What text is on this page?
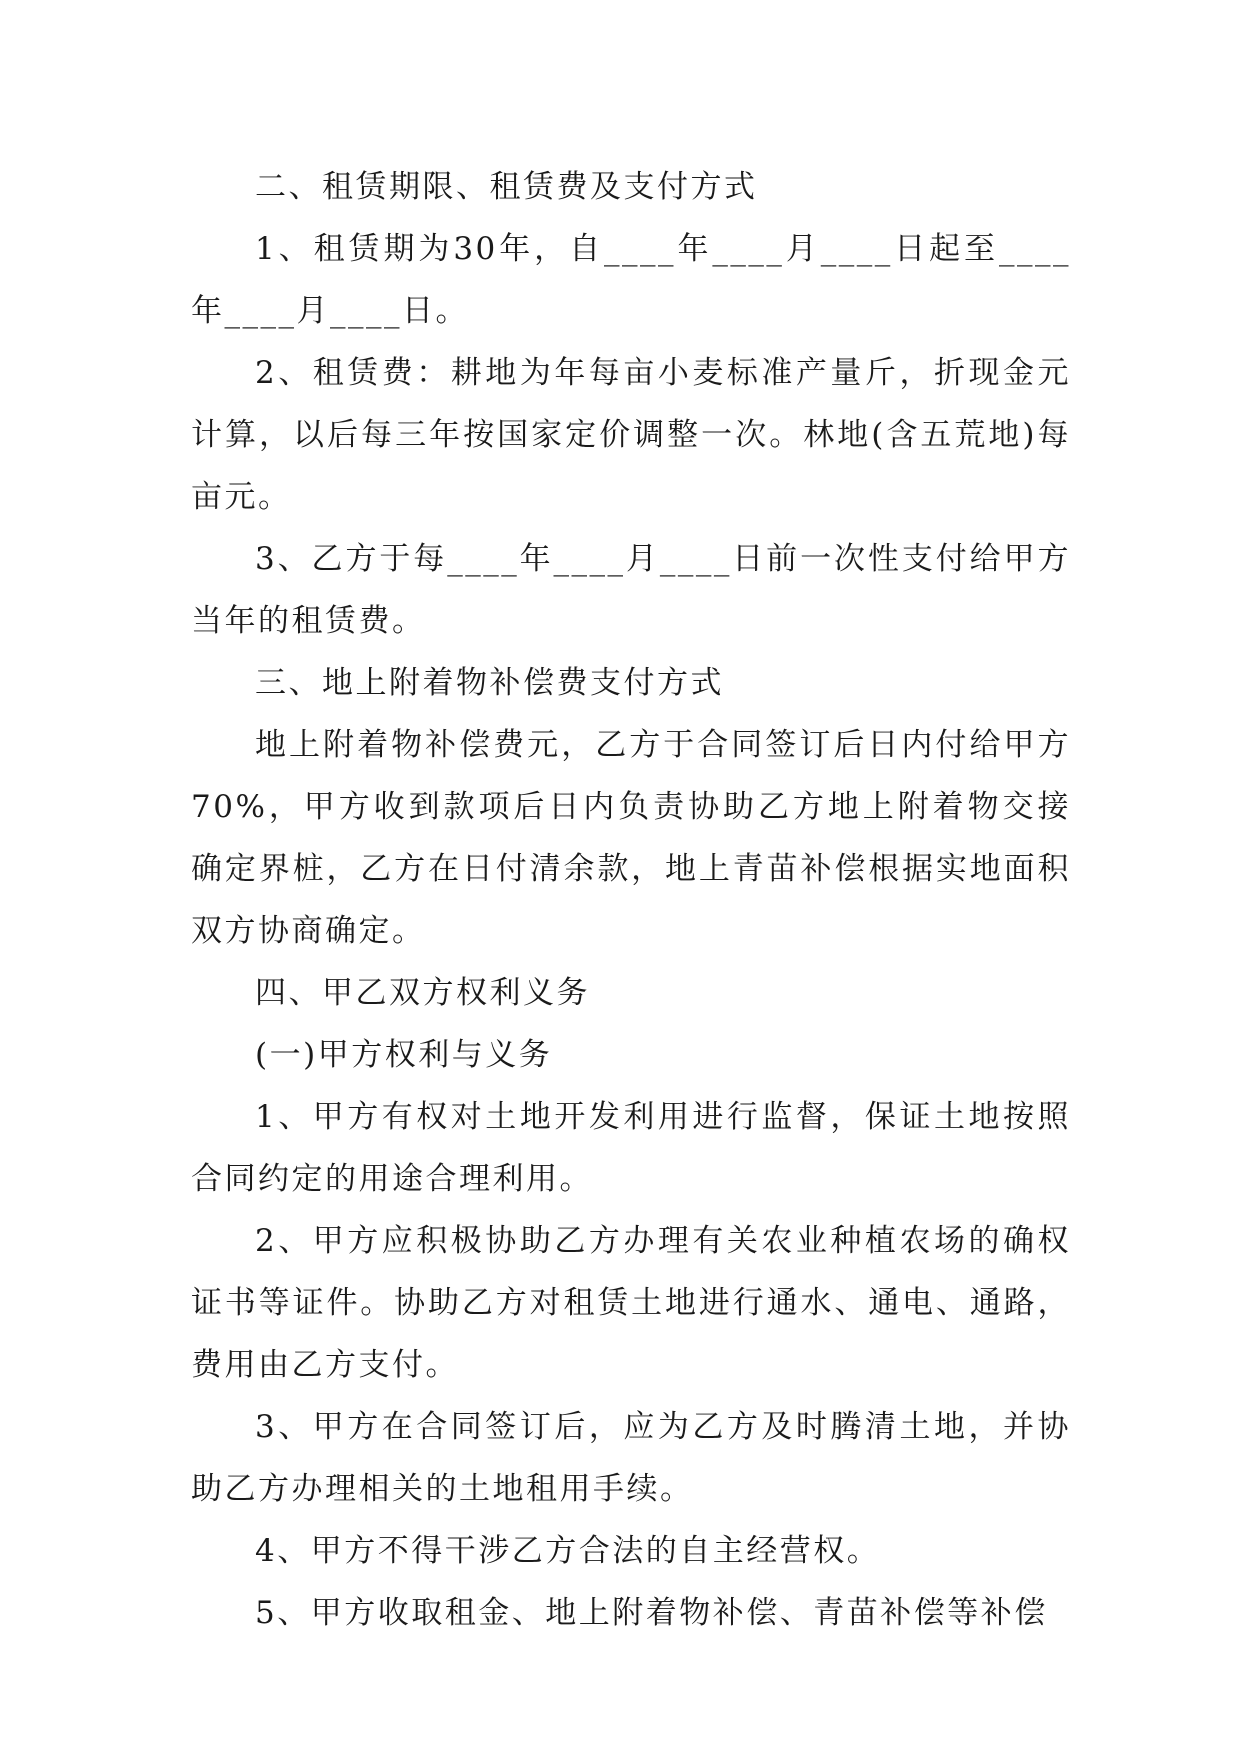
二、租赁期限、租赁费及支付方式

1、租赁期为30年，自____年____月____日起至____年____月____日。

2、租赁费：耕地为年每亩小麦标准产量斤，折现金元计算，以后每三年按国家定价调整一次。林地(含五荒地)每亩元。

3、乙方于每____年____月____日前一次性支付给甲方当年的租赁费。

三、地上附着物补偿费支付方式

地上附着物补偿费元，乙方于合同签订后日内付给甲方70%，甲方收到款项后日内负责协助乙方地上附着物交接确定界桩，乙方在日付清余款，地上青苗补偿根据实地面积双方协商确定。

四、甲乙双方权利义务

(一)甲方权利与义务

1、甲方有权对土地开发利用进行监督，保证土地按照合同约定的用途合理利用。

2、甲方应积极协助乙方办理有关农业种植农场的确权证书等证件。协助乙方对租赁土地进行通水、通电、通路，费用由乙方支付。

3、甲方在合同签订后，应为乙方及时腾清土地，并协助乙方办理相关的土地租用手续。

4、甲方不得干涉乙方合法的自主经营权。

5、甲方收取租金、地上附着物补偿、青苗补偿等补偿
